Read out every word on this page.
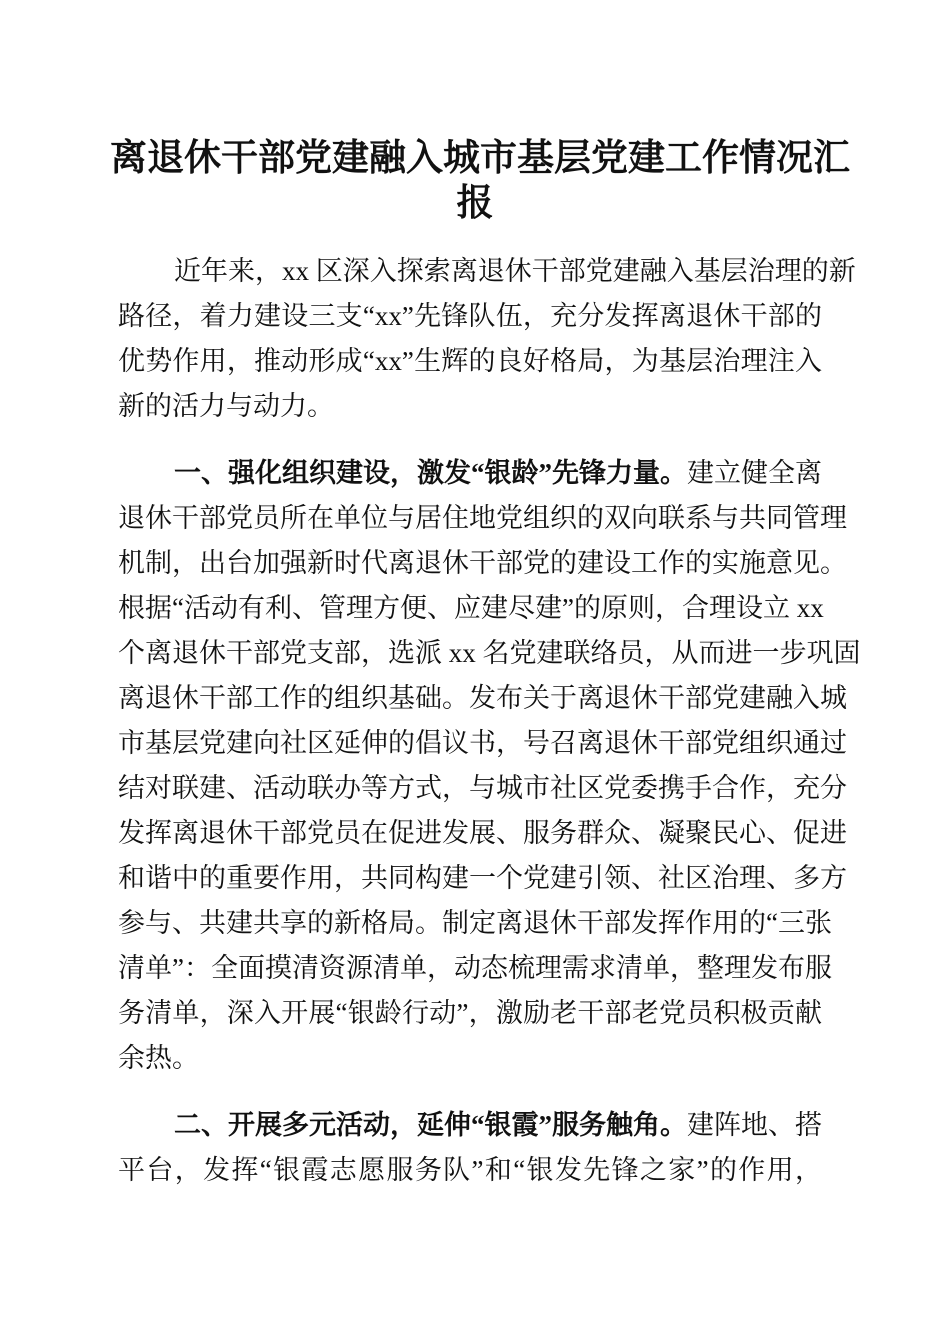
离退休干部党建融入城市基层党建工作情况汇
报
近年来，xx 区深入探索离退休干部党建融入基层治理的新
路径，着力建设三支“xx”先锋队伍，充分发挥离退休干部的
优势作用，推动形成“xx”生辉的良好格局，为基层治理注入
新的活力与动力。
一、强化组织建设，激发“银龄”先锋力量。建立健全离
退休干部党员所在单位与居住地党组织的双向联系与共同管理
机制，出台加强新时代离退休干部党的建设工作的实施意见。
根据“活动有利、管理方便、应建尽建”的原则，合理设立 xx
个离退休干部党支部，选派 xx 名党建联络员，从而进一步巩固
离退休干部工作的组织基础。发布关于离退休干部党建融入城
市基层党建向社区延伸的倡议书，号召离退休干部党组织通过
结对联建、活动联办等方式，与城市社区党委携手合作，充分
发挥离退休干部党员在促进发展、服务群众、凝聚民心、促进
和谐中的重要作用，共同构建一个党建引领、社区治理、多方
参与、共建共享的新格局。制定离退休干部发挥作用的“三张
清单”：全面摸清资源清单，动态梳理需求清单，整理发布服
务清单，深入开展“银龄行动”，激励老干部老党员积极贡献
余热。
二、开展多元活动，延伸“银霞”服务触角。建阵地、搭
平台，发挥“银霞志愿服务队”和“银发先锋之家”的作用，
